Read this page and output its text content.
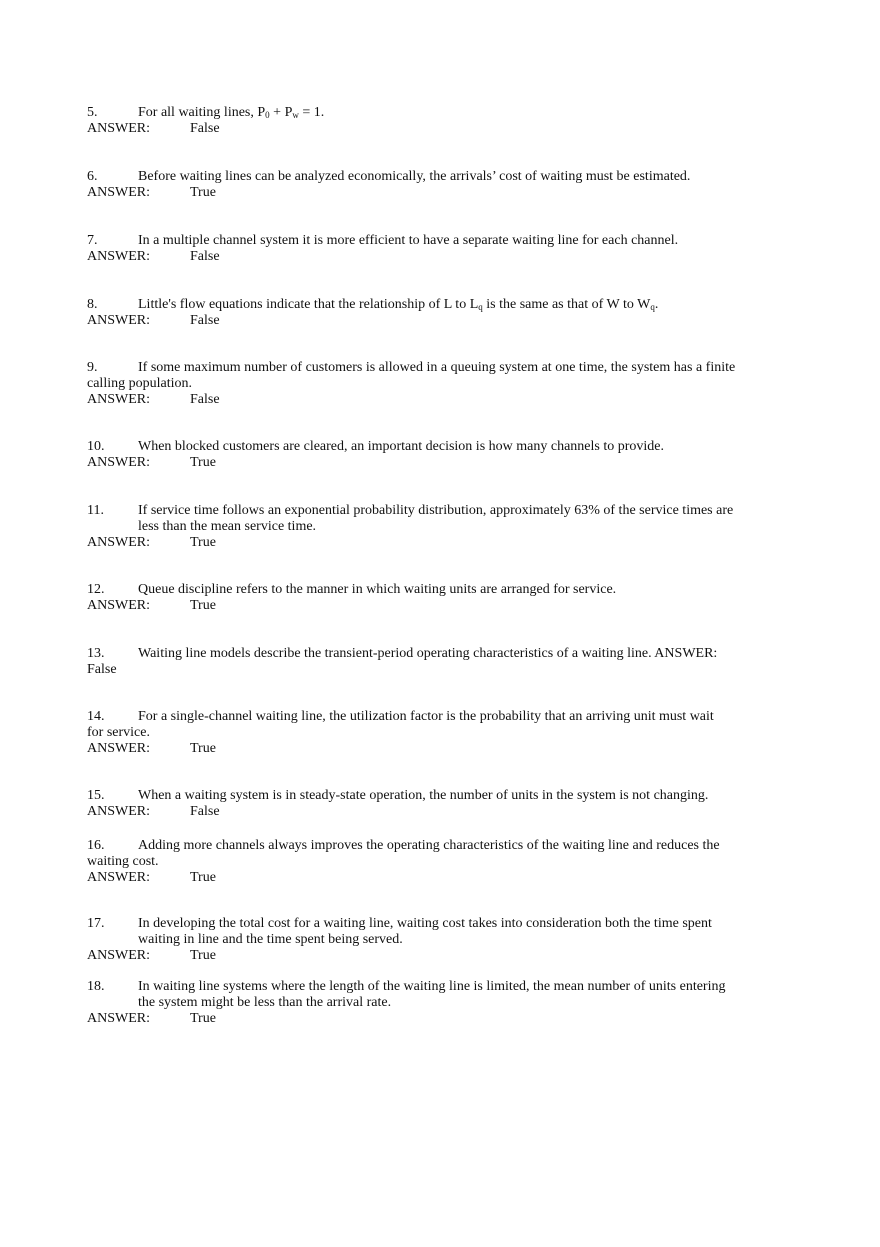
5.	For all waiting lines, $P_0 + P_w = 1$.
ANSWER:	False
6.	Before waiting lines can be analyzed economically, the arrivals’ cost of waiting must be estimated.
ANSWER:	True
7.	In a multiple channel system it is more efficient to have a separate waiting line for each channel.
ANSWER:	False
8.	Little's flow equations indicate that the relationship of L to $L_q$ is the same as that of W to $W_q$.
ANSWER:	False
9.	If some maximum number of customers is allowed in a queuing system at one time, the system has a finite
calling population.
ANSWER:	False
10. When blocked customers are cleared, an important decision is how many channels to provide.
ANSWER:	True
11. If service time follows an exponential probability distribution, approximately 63% of the service times are
less than the mean service time.
ANSWER:	True
12. Queue discipline refers to the manner in which waiting units are arranged for service.
ANSWER:	True
13. Waiting line models describe the transient-period operating characteristics of a waiting line. ANSWER:
False
14. For a single-channel waiting line, the utilization factor is the probability that an arriving unit must wait
for service.
ANSWER:	True
15. When a waiting system is in steady-state operation, the number of units in the system is not changing.
ANSWER:	False
16. Adding more channels always improves the operating characteristics of the waiting line and reduces the
waiting cost.
ANSWER:	True
17. In developing the total cost for a waiting line, waiting cost takes into consideration both the time spent
waiting in line and the time spent being served.
ANSWER:	True
18. In waiting line systems where the length of the waiting line is limited, the mean number of units entering
the system might be less than the arrival rate.
ANSWER:	True
